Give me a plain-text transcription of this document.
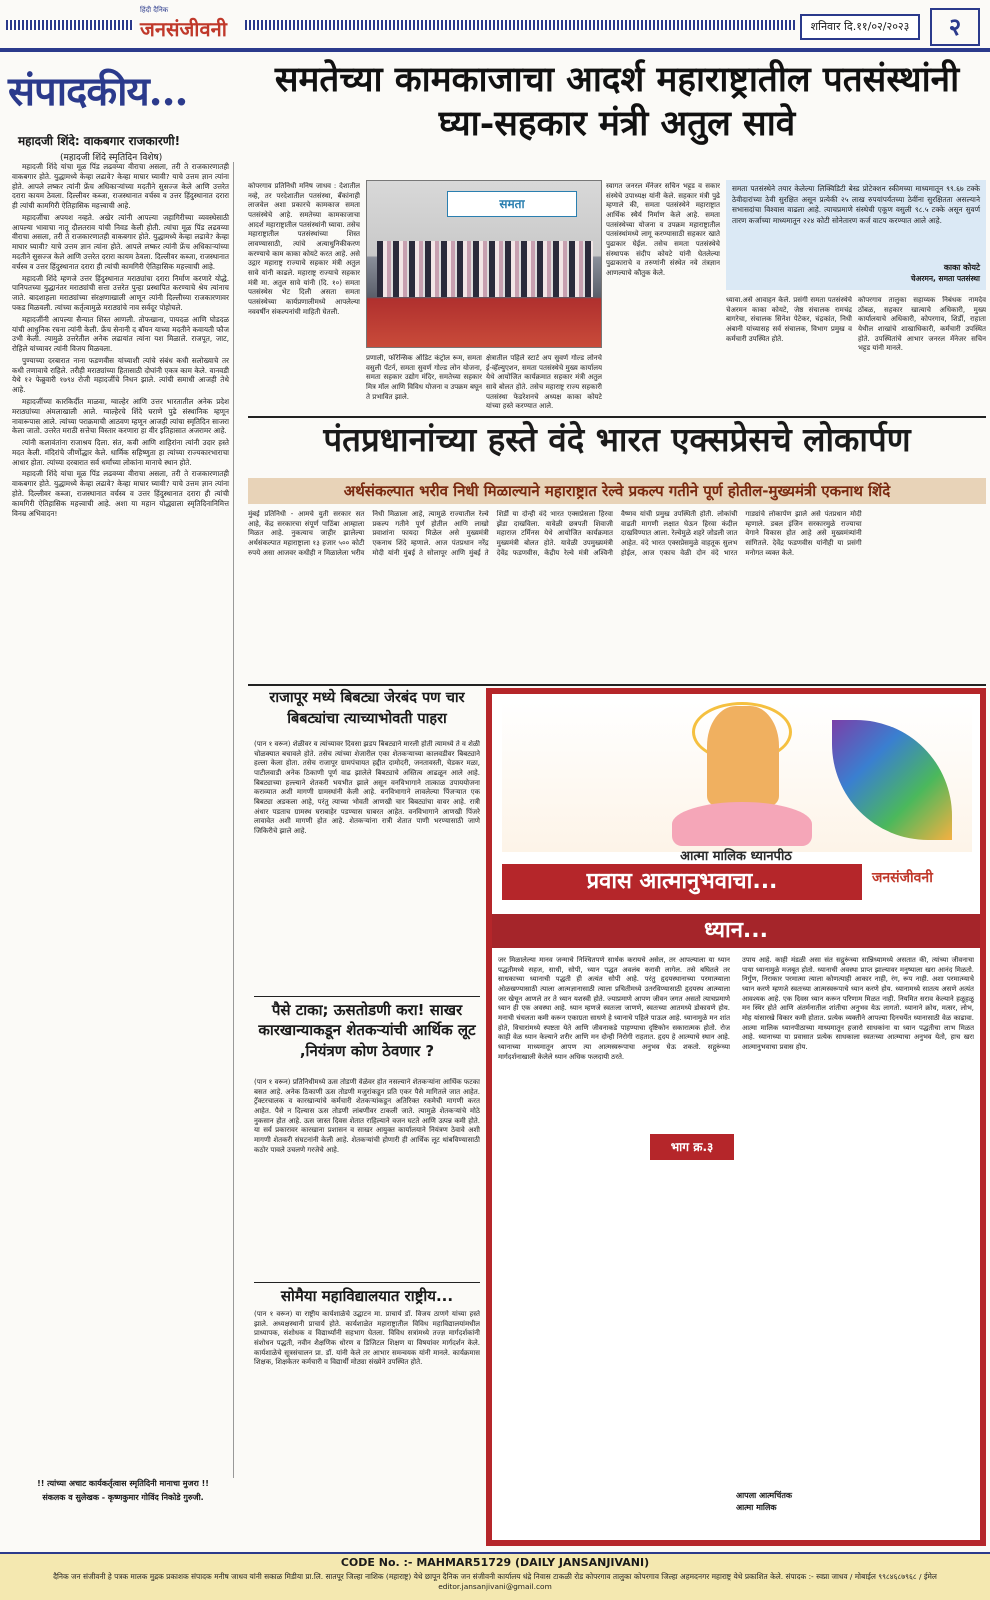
हिंदी दैनिक
जनसंजीवनी	शनिवार दि.११/०२/२०२३	२
संपादकीय...
महादजी शिंदे: वाकबगार राजकारणी!
(महादजी शिंदे स्मृतिदिन विशेष)

महादजी शिंदे यांचा मूळ पिंड लढवय्या वीराचा असला, तरी ते राजकारणातही वाकबगार होते. युद्धामध्ये केव्हा लढावे? केव्हा माघार घ्यावी? याचे उत्तम ज्ञान त्यांना होते. आपले लष्कर त्यांनी फ्रेंच अधिकाऱ्यांच्या मदतीने सुसज्ज केले आणि उत्तरेत दरारा कायम ठेवला. दिल्लीवर कब्जा, राजस्थानात वर्चस्व व उत्तर हिंदुस्थानात दरारा ही त्यांची कामगिरी ऐतिहासिक महत्त्वाची आहे.

महादजींचा अपयश नव्हते. अखेर त्यांनी आपल्या जहागिरीच्या व्यवस्थेसाठी आपल्या भावाचा नातू दौलतराव यांची निवड केली होती. त्यांचा मूळ पिंड लढवय्या वीराचा असला, तरी ते राजकारणातही वाकबगार होते. युद्धामध्ये केव्हा लढावे? केव्हा माघार घ्यावी? याचे उत्तम ज्ञान त्यांना होते. आपले लष्कर त्यांनी फ्रेंच अधिकाऱ्यांच्या मदतीने सुसज्ज केले आणि उत्तरेत दरारा कायम ठेवला. दिल्लीवर कब्जा, राजस्थानात वर्चस्व व उत्तर हिंदुस्थानात दरारा ही त्यांची कामगिरी ऐतिहासिक महत्त्वाची आहे.

महादजी शिंदे म्हणजे उत्तर हिंदुस्थानात मराठ्यांचा दरारा निर्माण करणारे योद्धे. पानिपतच्या युद्धानंतर मराठ्यांची सत्ता उत्तरेत पुन्हा प्रस्थापित करण्याचे श्रेय त्यांनाच जाते. बादशाहला मराठ्यांच्या संरक्षणाखाली आणून त्यांनी दिल्लीच्या राजकारणावर पकड मिळवली. त्यांच्या कर्तृत्वामुळे मराठ्यांचे नाव सर्वदूर पोहोचले.

महादजींनी आपल्या सैन्यात शिस्त आणली. तोफखाना, पायदळ आणि घोडदळ यांची आधुनिक रचना त्यांनी केली. फ्रेंच सेनानी द बॉयन याच्या मदतीने कवायती फौज उभी केली. त्यामुळे उत्तरेतील अनेक लढायांत त्यांना यश मिळाले. राजपूत, जाट, रोहिले यांच्यावर त्यांनी विजय मिळवला.

पुण्याच्या दरबारात नाना फडणवीस यांच्याशी त्यांचे संबंध कधी सलोख्याचे तर कधी तणावाचे राहिले. तरीही मराठ्यांच्या हितासाठी दोघांनी एकत्र काम केले. वानवडी येथे १२ फेब्रुवारी १७९४ रोजी महादजींचे निधन झाले. त्यांची समाधी आजही तेथे आहे.

महादजींच्या कारकिर्दीत माळवा, ग्वाल्हेर आणि उत्तर भारतातील अनेक प्रदेश मराठ्यांच्या अंमलाखाली आले. ग्वाल्हेरचे शिंदे घराणे पुढे संस्थानिक म्हणून नावारूपास आले. त्यांच्या पराक्रमाची आठवण म्हणून आजही त्यांचा स्मृतिदिन साजरा केला जातो. उत्तरेत मराठी सत्तेचा विस्तार करणारा हा वीर इतिहासात अजरामर आहे.

त्यांनी कलावंतांना राजाश्रय दिला. संत, कवी आणि शाहिरांना त्यांनी उदार हस्ते मदत केली. मंदिरांचे जीर्णोद्धार केले. धार्मिक सहिष्णुता हा त्यांच्या राज्यकारभाराचा आधार होता. त्यांच्या दरबारात सर्व धर्मांच्या लोकांना मानाचे स्थान होते.

महादजी शिंदे यांचा मूळ पिंड लढवय्या वीराचा असला, तरी ते राजकारणातही वाकबगार होते. युद्धामध्ये केव्हा लढावे? केव्हा माघार घ्यावी? याचे उत्तम ज्ञान त्यांना होते. दिल्लीवर कब्जा, राजस्थानात वर्चस्व व उत्तर हिंदुस्थानात दरारा ही त्यांची कामगिरी ऐतिहासिक महत्त्वाची आहे. अशा या महान योद्ध्याला स्मृतिदिनानिमित्त विनम्र अभिवादन!

!! त्यांच्या अचाट कार्यकर्तृत्वास स्मृतिदिनी मानाचा मुजरा !!
संकलक व सुलेखक - कृष्णकुमार गोविंद निकोडे गुरुजी.
समतेच्या कामकाजाचा आदर्श महाराष्ट्रातील पतसंस्थांनी घ्या-सहकार मंत्री अतुल सावे
कोपरगाव प्रतिनिधी मनिष जाधव : देशातील नव्हे, तर परदेशातील पतसंस्था, बँकांनाही लाजवेल अशा प्रकारचे कामकाज समता पतसंस्थेचे आहे. समतेच्या कामकाजाचा आदर्श महाराष्ट्रातील पतसंस्थांनी घ्यावा. तसेच महाराष्ट्रातील पतसंस्थांच्या शिस्त लावण्यासाठी, त्यांचे अत्याधुनिकीकरण करण्याचे काम काका कोयटे करत आहे. असे उद्गार महाराष्ट्र राज्याचे सहकार मंत्री अतुल सावे यांनी काढले. महाराष्ट्र राज्याचे सहकार मंत्री मा. अतुल सावे यांनी (दि. १०) समता पतसंस्थेस भेट दिली असता समता पतसंस्थेच्या कार्यप्रणालीमध्ये आपलेल्या नववर्षीन संकल्पनांची माहिती घेतली.
समता
प्रणाली, फॉरेन्सिक ऑडिट कंट्रोल रूम, समता वसुली पॅटर्न, समता सुवर्ण गोल्ड लोन योजना, समता सहकार उद्योग मंदिर, समतेच्या सहकार मित्र मॉल आणि विविध योजना व उपक्रम बघून ते प्रभावित झाले.
क्षेत्रातील पहिले स्टार्ट अप सुवर्ण गोल्ड लोनचे ई-व्हॅल्युएशन, समता पतसंस्थेचे मुख्य कार्यालय येथे आयोजित कार्यक्रमात सहकार मंत्री अतुल सावे बोलत होते. तसेच महाराष्ट्र राज्य सहकारी पतसंस्था फेडरेशनचे अध्यक्ष काका कोयटे यांच्या हस्ते करण्यात आले.
स्वागत जनरल मॅनेजर सचिन भट्टड व सकार संस्थेचे उपाध्यक्ष यांनी केले. सहकार मंत्री पुढे म्हणाले की, समता पतसंस्थेने महाराष्ट्रात आर्थिक स्थैर्य निर्माण केले आहे. समता पतसंस्थेच्या योजना व उपक्रम महाराष्ट्रातील पतसंस्थांमध्ये लागू करण्यासाठी सहकार खाते पुढाकार घेईल. तसेच समता पतसंस्थेचे संस्थापक संदीप कोयटे यांनी घेतलेल्या पुढाकाराचे व तरुणांनी संस्थेत नवे तंत्रज्ञान आणल्याचे कौतुक केले.
समता पतसंस्थेने तयार केलेल्या लिक्विडिटी बेस्ड प्रोटेक्शन स्कीमच्या माध्यमातून ९९.६७ टक्के ठेवीदारांच्या ठेवी सुरक्षित असून प्रत्येकी २५ लाख रुपयांपर्यंतच्या ठेवींना सुरक्षितता असल्याने सभासदांचा विश्वास वाढला आहे. त्याचप्रमाणे संस्थेची एकूण वसुली ९८.५ टक्के असून सुवर्ण तारण कर्जाच्या माध्यमातून २२४ कोटी सोनेतारण कर्ज वाटप करण्यात आले आहे.
काका कोयटे
चेअरमन, समता पतसंस्था
ध्यावा.असे आवाहन केले. प्रसंगी समता पतसंस्थेचे चेअरमन काका कोयटे, जेष्ठ संचालक रामचंद्र बागरेचा, संचालक सिनेश पेटेकर, चंद्रकांत, निधी अंबानी यांच्यासह सर्व संचालक, विभाग प्रमुख व कर्मचारी उपस्थित होते.
कोपरगाव तालुका सहाय्यक निबंधक नामदेव ठोंबळ, सहकार खात्याचे अधिकारी, मुख्य कार्यालयाचे अधिकारी, कोपरगाव, शिर्डी, राहाता येथील शाखांचे शाखाधिकारी, कर्मचारी उपस्थित होते. उपस्थितांचे आभार जनरल मॅनेजर सचिन भट्टड यांनी मानले.
पंतप्रधानांच्या हस्ते वंदे भारत एक्सप्रेसचे लोकार्पण
अर्थसंकल्पात भरीव निधी मिळाल्याने महाराष्ट्रात रेल्वे प्रकल्प गतीने पूर्ण होतील-मुख्यमंत्री एकनाथ शिंदे
मुंबई प्रतिनिधी - आमचे युती सरकार सत आहे, केंद्र सरकारचा संपूर्ण पाठिंबा आम्हाला मिळत आहे. नुकत्याच जाहीर झालेल्या अर्थसंकल्पात महाराष्ट्राला १३ हजार ५०० कोटी रुपये असा आजवर कधीही न मिळालेला भरीव निधी मिळाला आहे, त्यामुळे राज्यातील रेल्वे प्रकल्प गतीने पूर्ण होतील आणि लाखो प्रवाशांना फायदा मिळेल असे मुख्यमंत्री एकनाथ शिंदे म्हणाले. आज पंतप्रधान नरेंद्र मोदी यांनी मुंबई ते सोलापूर आणि मुंबई ते शिर्डी या दोन्ही वंदे भारत एक्सप्रेसला हिरवा झेंडा दाखविला. यावेळी छत्रपती शिवाजी महाराज टर्मिनस येथे आयोजित कार्यक्रमात मुख्यमंत्री बोलत होते. यावेळी उपमुख्यमंत्री देवेंद्र फडणवीस, केंद्रीय रेल्वे मंत्री अश्विनी वैष्णव यांची प्रमुख उपस्थिती होती. लोकांची वाढती मागणी लक्षात घेऊन हिरवा कंदील दाखविण्यात आला. रेल्वेमुळे शहरे जोडली जात आहेत. वंदे भारत एक्सप्रेसमुळे वाहतूक सुलभ होईल, आज एकाच वेळी दोन वंदे भारत गाड्यांचे लोकार्पण झाले असे पंतप्रधान मोदी म्हणाले. डबल इंजिन सरकारमुळे राज्याचा वेगाने विकास होत आहे असे मुख्यमंत्र्यांनी सांगितले. देवेंद्र फडणवीस यांनीही या प्रसंगी मनोगत व्यक्त केले.
राजापूर मध्ये बिबट्या जेरबंद पण चार बिबट्यांचा त्याच्याभोवती पाहरा
(पान १ वरून) शेळीवर व त्यांच्यावर दिवसा झडप बिबट्याने मारली होती त्यामध्ये ते व शेळी चोळक्यात बचावले होते. तसेच त्यांच्या शेजारील एका शेतकऱ्याच्या कालवडीवर बिबट्याने हल्ला केला होता. तसेच राजापूर ग्रामपंचायत हद्दीत दामोदरी, जनतावस्ती, चेडकर मळा, पाटीलवाडी अनेक ठिकाणी पूर्ण वाढ झालेले बिबट्याचे अस्तित्व आढळून आले आहे. बिबट्याच्या हल्ल्याने शेतकरी भयभीत झाले असून वनविभागाने तात्काळ उपाययोजना कराव्यात अशी मागणी ग्रामस्थांनी केली आहे. वनविभागाने लावलेल्या पिंजऱ्यात एक बिबट्या अडकला आहे, परंतु त्याच्या भोवती आणखी चार बिबट्यांचा वावर आहे. रात्री अंधार पडताच ग्रामस्थ घराबाहेर पडण्यास घाबरत आहेत. वनविभागाने आणखी पिंजरे लावावेत अशी मागणी होत आहे. शेतकऱ्यांना रात्री शेतात पाणी भरण्यासाठी जाणे जिकिरीचे झाले आहे.
पैसे टाका; ऊसतोडणी करा! साखर कारखान्याकडून शेतकऱ्यांची आर्थिक लूट ,नियंत्रण कोण ठेवणार ?
(पान १ वरून) प्रतिनिधीमध्ये ऊस तोडणी वेळेवर होत नसल्याने शेतकऱ्यांना आर्थिक फटका बसत आहे. अनेक ठिकाणी ऊस तोडणी मजुरांकडून प्रति एकर पैसे मागितले जात आहेत. ट्रॅक्टरचालक व कारखान्यांचे कर्मचारी शेतकऱ्यांकडून अतिरिक्त रकमेची मागणी करत आहेत. पैसे न दिल्यास ऊस तोडणी लांबणीवर टाकली जाते. त्यामुळे शेतकऱ्यांचे मोठे नुकसान होत आहे. ऊस जास्त दिवस शेतात राहिल्याने वजन घटते आणि उत्पन्न कमी होते. या सर्व प्रकारावर कारखाना प्रशासन व साखर आयुक्त कार्यालयाने नियंत्रण ठेवावे अशी मागणी शेतकरी संघटनांनी केली आहे. शेतकऱ्यांची होणारी ही आर्थिक लूट थांबविण्यासाठी कठोर पावले उचलणे गरजेचे आहे.
सोमैया महाविद्यालयात राष्ट्रीय...
(पान १ वरून) या राष्ट्रीय कार्यशाळेचे उद्घाटन मा. प्राचार्य डॉ. विजय ठाणगे यांच्या हस्ते झाले. अध्यक्षस्थानी प्राचार्य होते. कार्यशाळेत महाराष्ट्रातील विविध महाविद्यालयांमधील प्राध्यापक, संशोधक व विद्यार्थ्यांनी सहभाग घेतला. विविध सत्रांमध्ये तज्ज्ञ मार्गदर्शकांनी संशोधन पद्धती, नवीन शैक्षणिक धोरण व डिजिटल शिक्षण या विषयांवर मार्गदर्शन केले. कार्यशाळेचे सूत्रसंचालन प्रा. डॉ. यांनी केले तर आभार समन्वयक यांनी मानले. कार्यक्रमास शिक्षक, शिक्षकेतर कर्मचारी व विद्यार्थी मोठ्या संख्येने उपस्थित होते.
आत्मा मालिक ध्यानपीठ
प्रवास आत्मानुभवाचा...	जनसंजीवनी
ध्यान...
जर मिळालेल्या मानव जन्माचे निश्चितपणे सार्थक करायचे असेल, तर आपल्याला या ध्यान पद्धतीमध्ये सहज, साधी, सोपी, ध्यान पद्धत अवलंब करावी लागेल. तसे बघितले तर साधकाच्या ध्यानाची पद्धती ही अत्यंत सोपी आहे. परंतु हृदयस्थानाच्या परमात्म्याला ओळखण्यासाठी त्याला आत्मज्ञानासाठी त्याला प्रचितीमध्ये उतरविण्यासाठी हृदयस्थ आत्म्याला जर खेचून आणले तर ते ध्यान यशस्वी होते. ज्याप्रमाणे आपण जीवन जगत असतो त्याचप्रमाणे ध्यान ही एक अवस्था आहे. ध्यान म्हणजे स्वतःला जाणणे, स्वतःच्या आतमध्ये डोकावणे होय. मनाची चंचलता कमी करून एकाग्रता साधणे हे ध्यानाचे पहिले पाऊल आहे. ध्यानामुळे मन शांत होते, विचारांमध्ये स्पष्टता येते आणि जीवनाकडे पाहण्याचा दृष्टिकोन सकारात्मक होतो. रोज काही वेळ ध्यान केल्याने शरीर आणि मन दोन्ही निरोगी राहतात. हृदय हे आत्म्याचे स्थान आहे. ध्यानाच्या माध्यमातून आपण त्या आत्मस्वरूपाचा अनुभव घेऊ शकतो. सद्गुरूंच्या मार्गदर्शनाखाली केलेले ध्यान अधिक फलदायी ठरते.
उपाय आहे. काही मंडळी असा संत सद्गुरूंच्या सान्निध्यामध्ये असतात की, त्यांच्या जीवनाचा पाया ध्यानामुळे मजबूत होतो. ध्यानाची अवस्था प्राप्त झाल्यावर मनुष्याला खरा आनंद मिळतो. निर्गुण, निराकार परमात्मा त्याला कोणत्याही आकार नाही, रंग, रूप नाही. अशा परमात्म्याचे ध्यान करणे म्हणजे स्वतःच्या आत्मस्वरूपाचे ध्यान करणे होय. ध्यानामध्ये सातत्य असणे अत्यंत आवश्यक आहे. एक दिवस ध्यान करून परिणाम मिळत नाही. नियमित सराव केल्याने हळूहळू मन स्थिर होते आणि अंतर्मनातील शांतीचा अनुभव येऊ लागतो. ध्यानाने क्रोध, मत्सर, लोभ, मोह यांसारखे विकार कमी होतात. प्रत्येक व्यक्तीने आपल्या दिनचर्येत ध्यानासाठी वेळ काढावा. आत्मा मालिक ध्यानपीठाच्या माध्यमातून हजारो साधकांना या ध्यान पद्धतीचा लाभ मिळत आहे. ध्यानाच्या या प्रवासात प्रत्येक साधकाला स्वतःच्या आत्म्याचा अनुभव येतो, हाच खरा आत्मानुभवाचा प्रवास होय.
भाग क्र.३
आपला आत्मचिंतक
आत्मा मालिक
CODE No. :- MAHMAR51729 (DAILY JANSANJIVANI)
दैनिक जन संजीवनी हे पत्रक मालक मुद्रक प्रकाशक संपादक मनीष जाधव यांनी सकाळ मिडीया प्रा.लि. सातपूर जिल्हा नाशिक (महाराष्ट्र) येथे छापून दैनिक जन संजीवनी कार्यालय धंद्रे निवास टाकळी रोड कोपरगाव तालुका कोपरगाव जिल्हा अहमदनगर महाराष्ट्र येथे प्रकाशित केले. संपादक :- स्वप्ना जाधव / मोबाईल ९९८४६८७९६८ / ईमेल editor.jansanjivani@gmail.com
